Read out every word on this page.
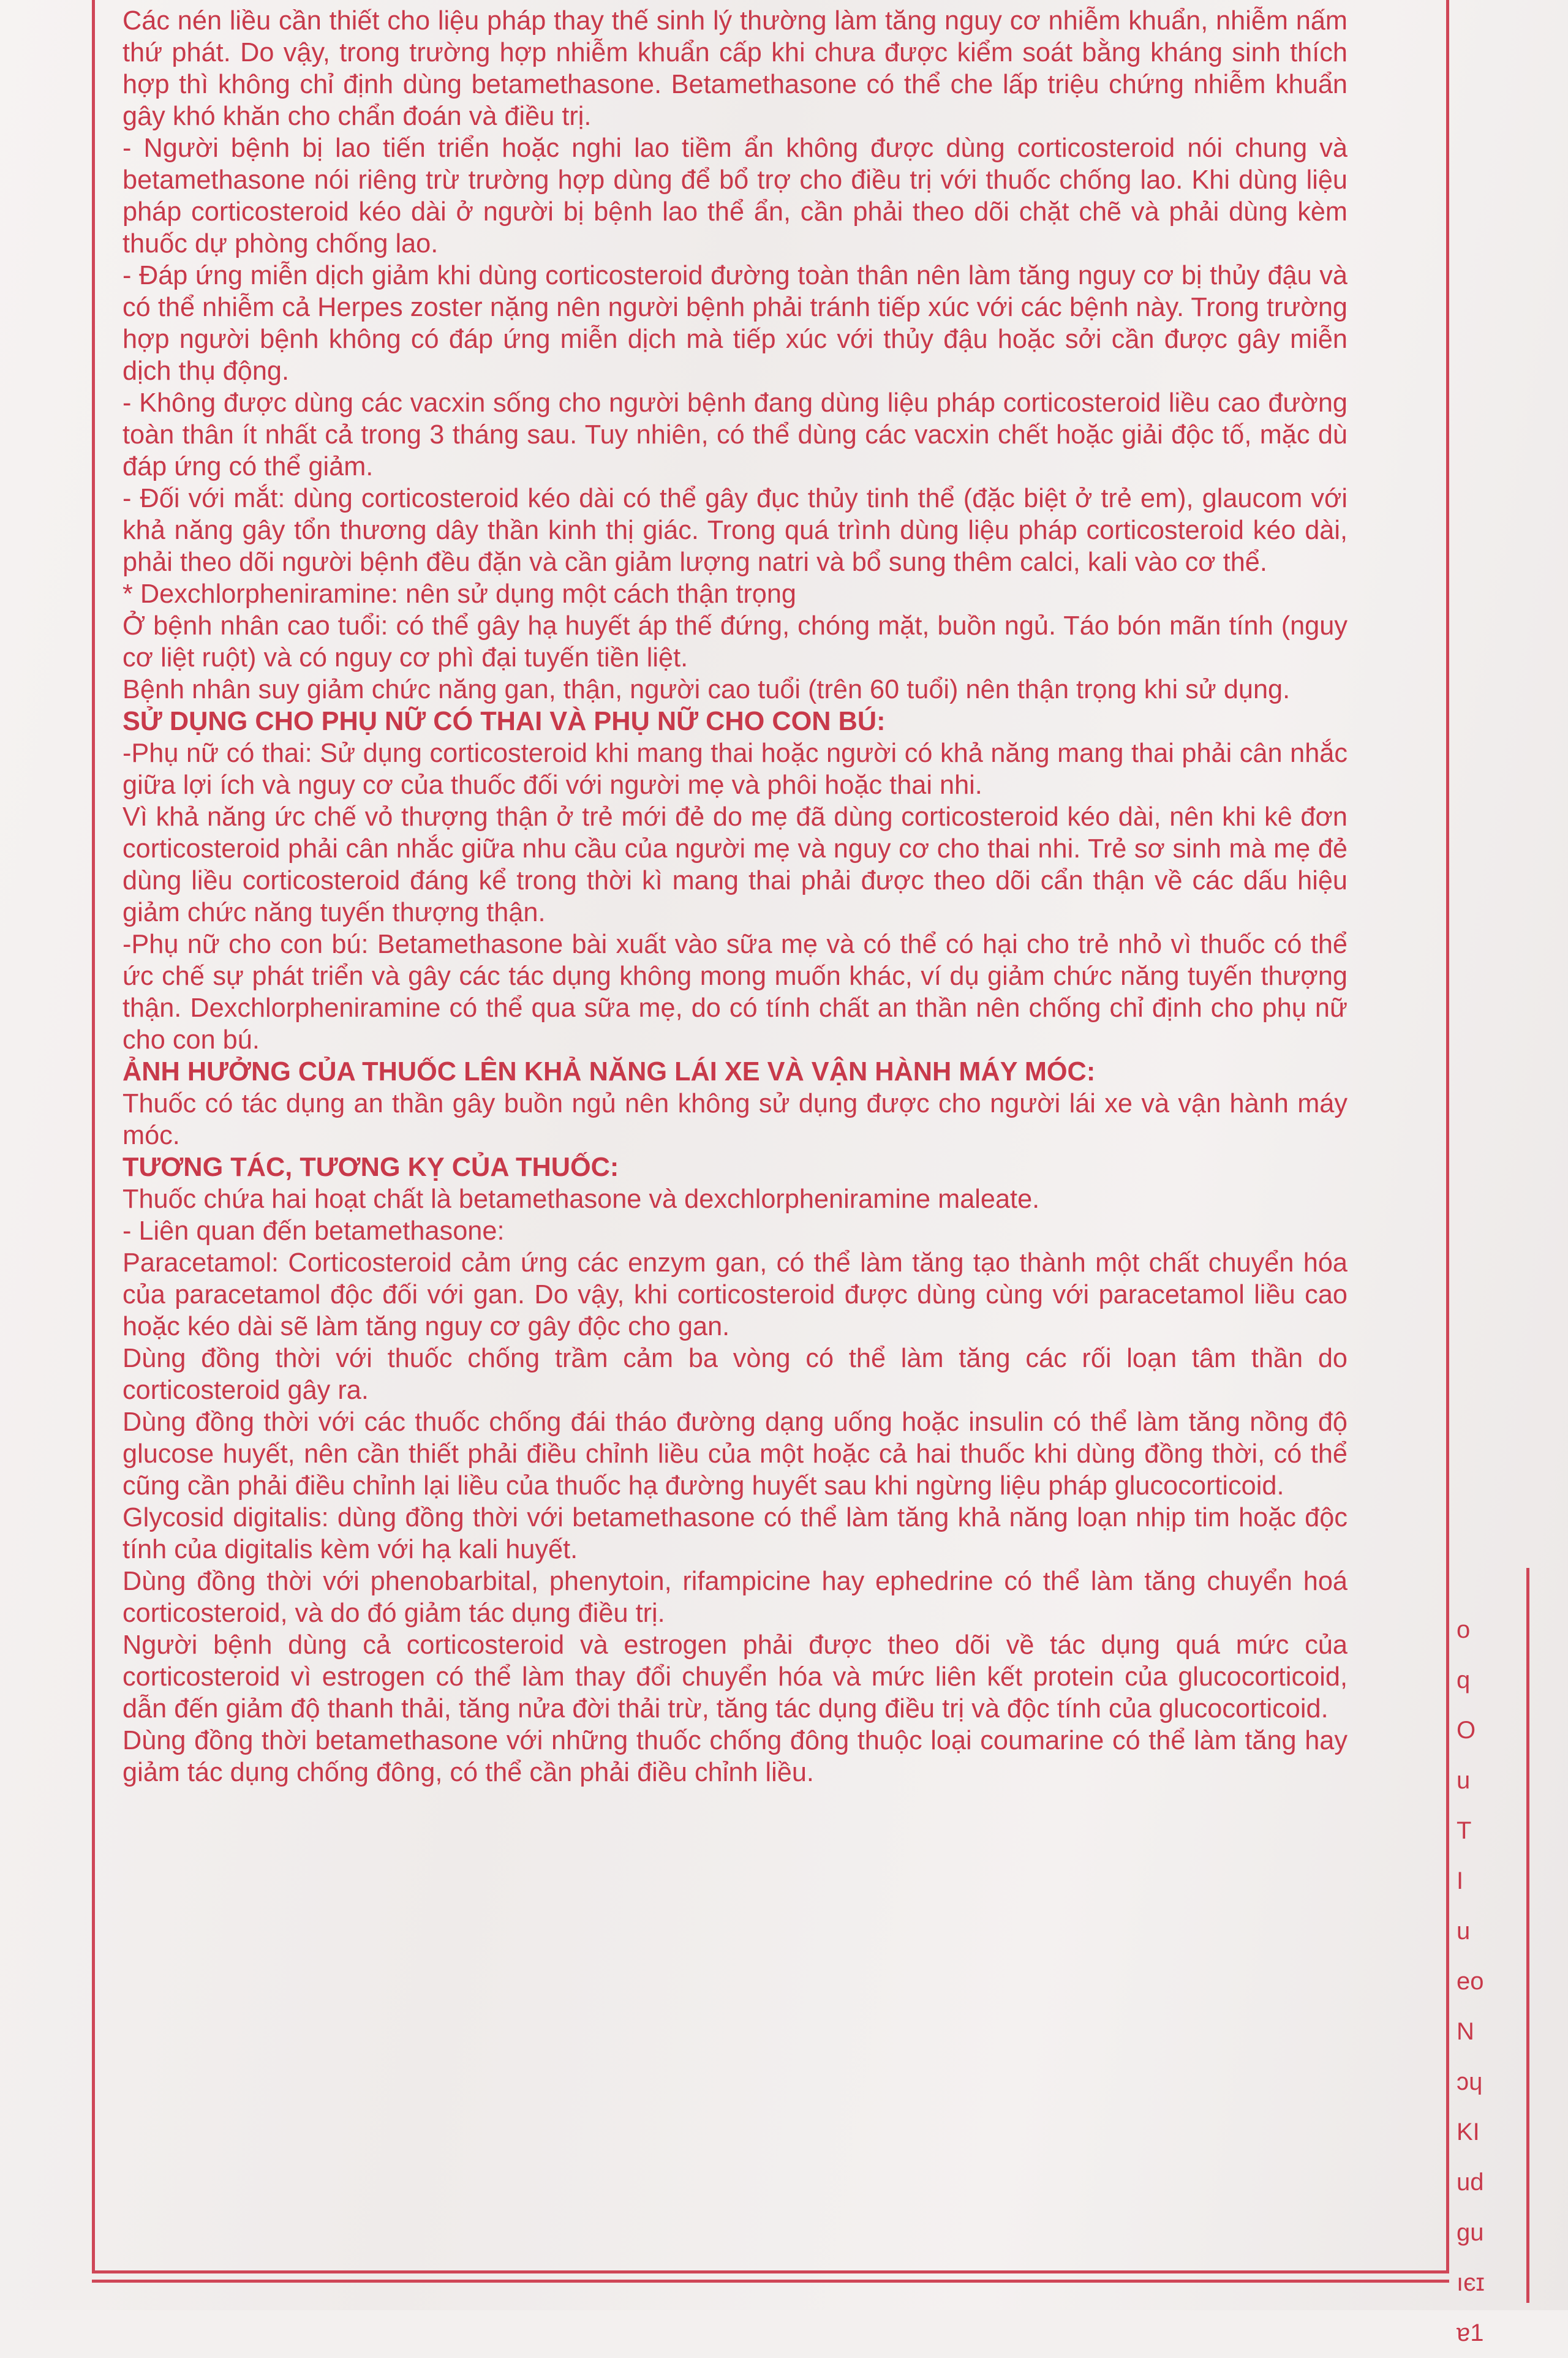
Các nén liều cần thiết cho liệu pháp thay thế sinh lý thường làm tăng nguy cơ nhiễm khuẩn, nhiễm nấm thứ phát. Do vậy, trong trường hợp nhiễm khuẩn cấp khi chưa được kiểm soát bằng kháng sinh thích hợp thì không chỉ định dùng betamethasone. Betamethasone có thể che lấp triệu chứng nhiễm khuẩn gây khó khăn cho chẩn đoán và điều trị.

- Người bệnh bị lao tiến triển hoặc nghi lao tiềm ẩn không được dùng corticosteroid nói chung và betamethasone nói riêng trừ trường hợp dùng để bổ trợ cho điều trị với thuốc chống lao. Khi dùng liệu pháp corticosteroid kéo dài ở người bị bệnh lao thể ẩn, cần phải theo dõi chặt chẽ và phải dùng kèm thuốc dự phòng chống lao.

- Đáp ứng miễn dịch giảm khi dùng corticosteroid đường toàn thân nên làm tăng nguy cơ bị thủy đậu và có thể nhiễm cả Herpes zoster nặng nên người bệnh phải tránh tiếp xúc với các bệnh này. Trong trường hợp người bệnh không có đáp ứng miễn dịch mà tiếp xúc với thủy đậu hoặc sởi cần được gây miễn dịch thụ động.

- Không được dùng các vacxin sống cho người bệnh đang dùng liệu pháp corticosteroid liều cao đường toàn thân ít nhất cả trong 3 tháng sau. Tuy nhiên, có thể dùng các vacxin chết hoặc giải độc tố, mặc dù đáp ứng có thể giảm.

- Đối với mắt: dùng corticosteroid kéo dài có thể gây đục thủy tinh thể (đặc biệt ở trẻ em), glaucom với khả năng gây tổn thương dây thần kinh thị giác. Trong quá trình dùng liệu pháp corticosteroid kéo dài, phải theo dõi người bệnh đều đặn và cần giảm lượng natri và bổ sung thêm calci, kali vào cơ thể.

* Dexchlorpheniramine: nên sử dụng một cách thận trọng

Ở bệnh nhân cao tuổi: có thể gây hạ huyết áp thế đứng, chóng mặt, buồn ngủ. Táo bón mãn tính (nguy cơ liệt ruột) và có nguy cơ phì đại tuyến tiền liệt.

Bệnh nhân suy giảm chức năng gan, thận, người cao tuổi (trên 60 tuổi) nên thận trọng khi sử dụng.

SỬ DỤNG CHO PHỤ NỮ CÓ THAI VÀ PHỤ NỮ CHO CON BÚ:

-Phụ nữ có thai: Sử dụng corticosteroid khi mang thai hoặc người có khả năng mang thai phải cân nhắc giữa lợi ích và nguy cơ của thuốc đối với người mẹ và phôi hoặc thai nhi.

Vì khả năng ức chế vỏ thượng thận ở trẻ mới đẻ do mẹ đã dùng corticosteroid kéo dài, nên khi kê đơn corticosteroid phải cân nhắc giữa nhu cầu của người mẹ và nguy cơ cho thai nhi. Trẻ sơ sinh mà mẹ đẻ dùng liều corticosteroid đáng kể trong thời kì mang thai phải được theo dõi cẩn thận về các dấu hiệu giảm chức năng tuyến thượng thận.

-Phụ nữ cho con bú: Betamethasone bài xuất vào sữa mẹ và có thể có hại cho trẻ nhỏ vì thuốc có thể ức chế sự phát triển và gây các tác dụng không mong muốn khác, ví dụ giảm chức năng tuyến thượng thận. Dexchlorpheniramine có thể qua sữa mẹ, do có tính chất an thần nên chống chỉ định cho phụ nữ cho con bú.

ẢNH HƯỞNG CỦA THUỐC LÊN KHẢ NĂNG LÁI XE VÀ VẬN HÀNH MÁY MÓC:

Thuốc có tác dụng an thần gây buồn ngủ nên không sử dụng được cho người lái xe và vận hành máy móc.

TƯƠNG TÁC, TƯƠNG KỴ CỦA THUỐC:

Thuốc chứa hai hoạt chất là betamethasone và dexchlorpheniramine maleate.

- Liên quan đến betamethasone:

Paracetamol: Corticosteroid cảm ứng các enzym gan, có thể làm tăng tạo thành một chất chuyển hóa của paracetamol độc đối với gan. Do vậy, khi corticosteroid được dùng cùng với paracetamol liều cao hoặc kéo dài sẽ làm tăng nguy cơ gây độc cho gan.

Dùng đồng thời với thuốc chống trầm cảm ba vòng có thể làm tăng các rối loạn tâm thần do corticosteroid gây ra.

Dùng đồng thời với các thuốc chống đái tháo đường dạng uống hoặc insulin có thể làm tăng nồng độ glucose huyết, nên cần thiết phải điều chỉnh liều của một hoặc cả hai thuốc khi dùng đồng thời, có thể cũng cần phải điều chỉnh lại liều của thuốc hạ đường huyết sau khi ngừng liệu pháp glucocorticoid.

Glycosid digitalis: dùng đồng thời với betamethasone có thể làm tăng khả năng loạn nhịp tim hoặc độc tính của digitalis kèm với hạ kali huyết.

Dùng đồng thời với phenobarbital, phenytoin, rifampicine hay ephedrine có thể làm tăng chuyển hoá corticosteroid, và do đó giảm tác dụng điều trị.

Người bệnh dùng cả corticosteroid và estrogen phải được theo dõi về tác dụng quá mức của corticosteroid vì estrogen có thể làm thay đổi chuyển hóa và mức liên kết protein của glucocorticoid, dẫn đến giảm độ thanh thải, tăng nửa đời thải trừ, tăng tác dụng điều trị và độc tính của glucocorticoid.

Dùng đồng thời betamethasone với những thuốc chống đông thuộc loại coumarine có thể làm tăng hay giảm tác dụng chống đông, có thể cần phải điều chỉnh liều.

o
q
O
u
T
I
u
eo
N
ɔɥ
KI
ud
ɡu
ıєɪ
ɐ1
